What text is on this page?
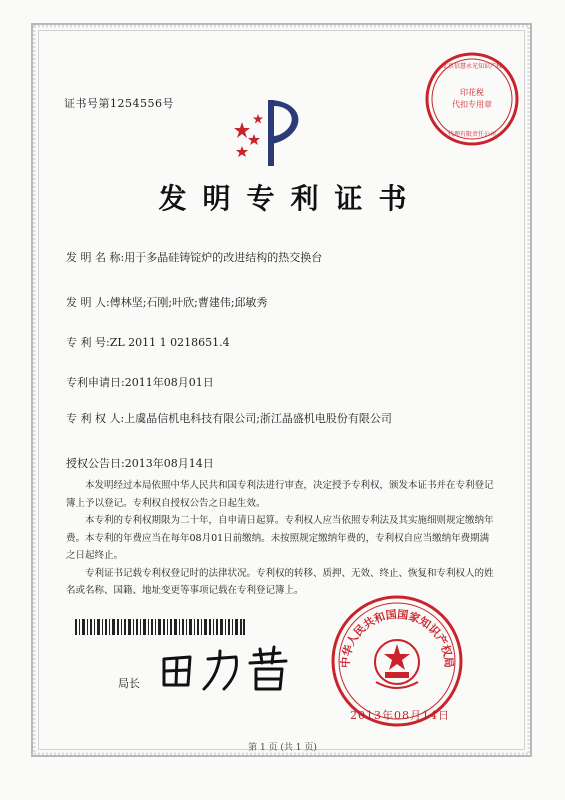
证书号第1254556号
印花税
代扣专用章
北京信慧永光知识产权
代理有限责任公司
发明专利证书
发 明 名 称:用于多晶硅铸锭炉的改进结构的热交换台
发 明 人:傅林坚;石刚;叶欣;曹建伟;邱敏秀
专 利 号:ZL 2011 1 0218651.4
专利申请日:2011年08月01日
专 利 权 人:上虞晶信机电科技有限公司;浙江晶盛机电股份有限公司
授权公告日:2013年08月14日

本发明经过本局依照中华人民共和国专利法进行审查，决定授予专利权，颁发本证书并在专利登记簿上予以登记。专利权自授权公告之日起生效。

本专利的专利权期限为二十年，自申请日起算。专利权人应当依照专利法及其实施细则规定缴纳年费。本专利的年费应当在每年08月01日前缴纳。未按照规定缴纳年费的，专利权自应当缴纳年费期满之日起终止。

专利证书记载专利权登记时的法律状况。专利权的转移、质押、无效、终止、恢复和专利权人的姓名或名称、国籍、地址变更等事项记载在专利登记簿上。

局长
中华人民共和国国家知识产权局
2013年08月14日
第 1 页 (共 1 页)
